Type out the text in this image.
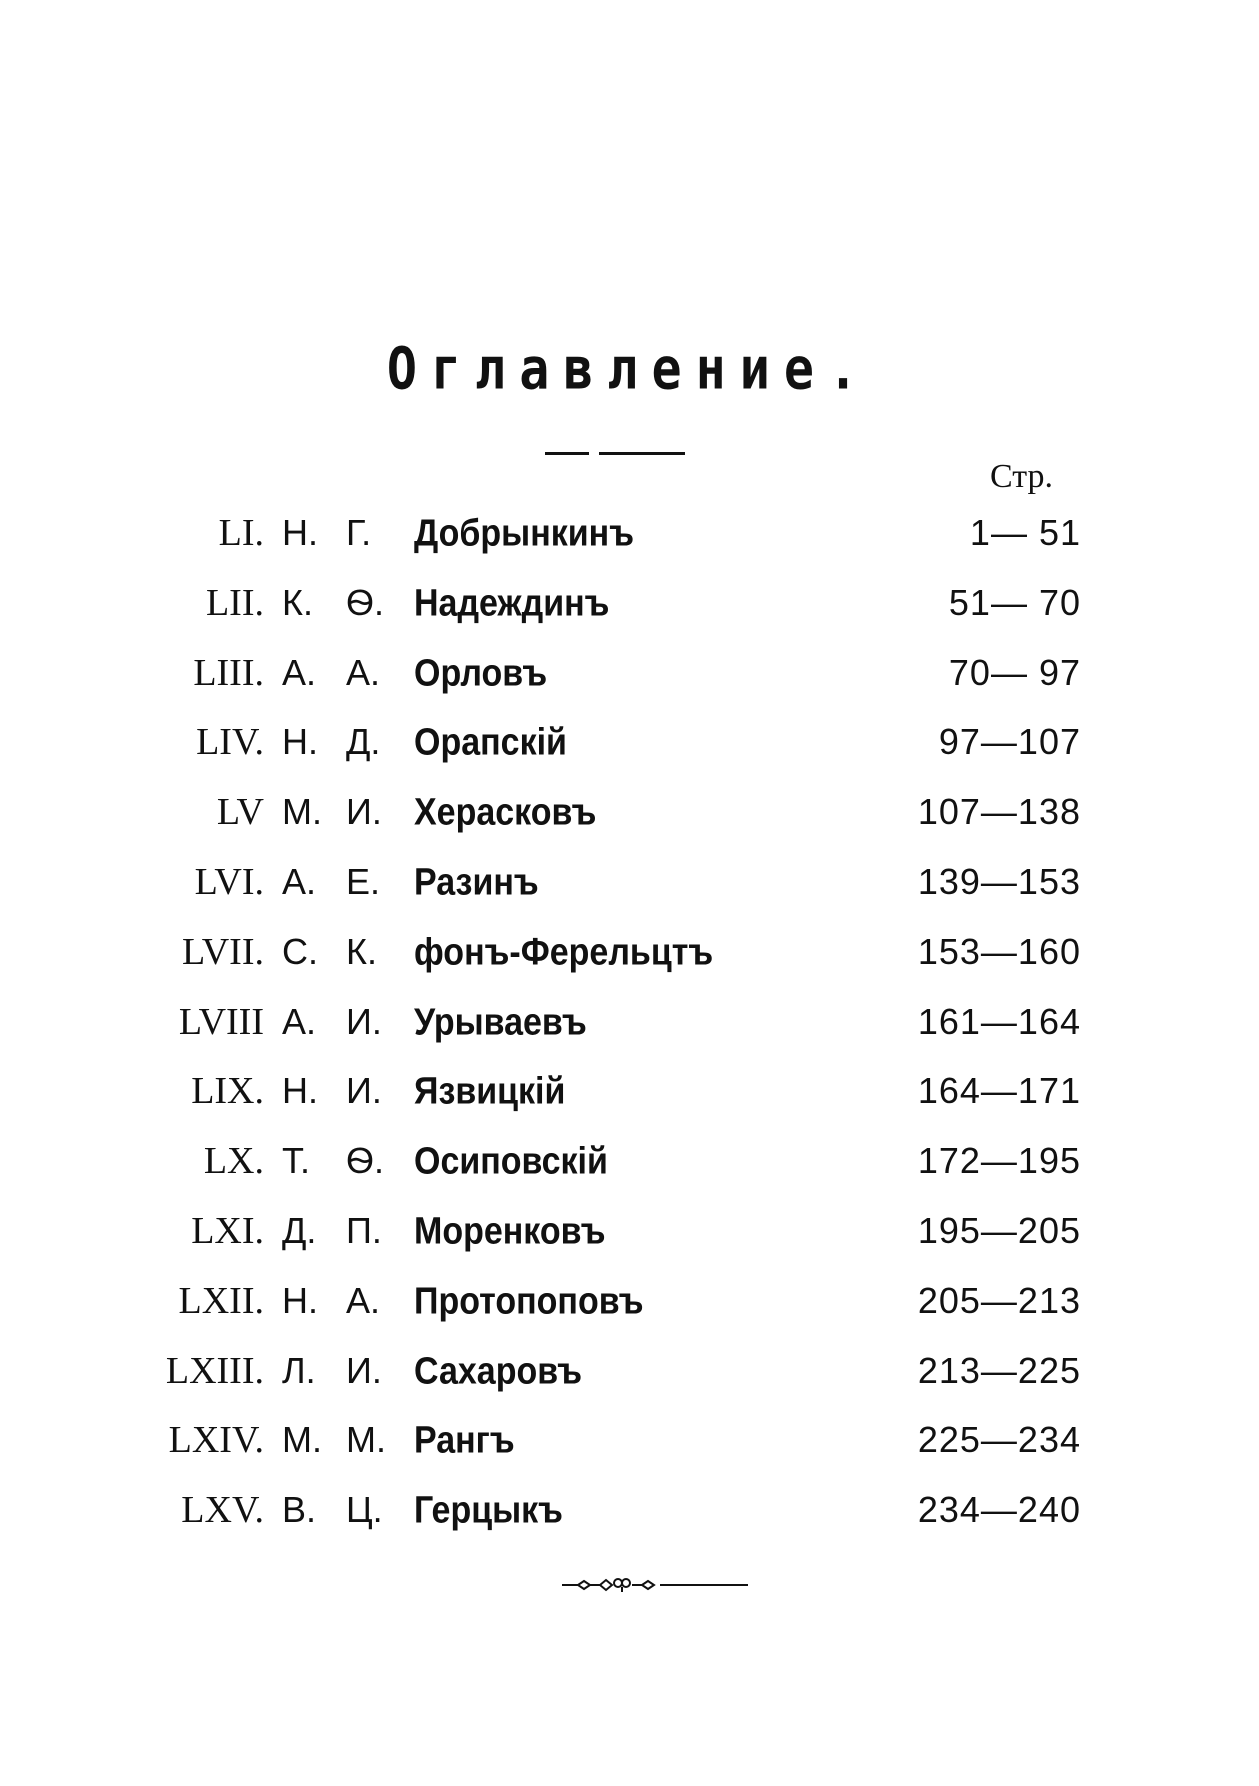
Оглавление.
Стр.
LI. Н. Г. Добрынкинъ	1— 51
LII. К. Ѳ. Надеждинъ	51— 70
LIII. А. А. Орловъ	70— 97
LIV. Н. Д. Орапскій	97—107
LV М. И. Херасковъ	107—138
LVI. А. Е. Разинъ	139—153
LVII. С. К. фонъ-Ферельцтъ	153—160
LVIII А. И. Урываевъ	161—164
LIX. Н. И. Язвицкій	164—171
LX. Т. Ѳ. Осиповскій	172—195
LXI. Д. П. Моренковъ	195—205
LXII. Н. А. Протопоповъ	205—213
LXIII. Л. И. Сахаровъ	213—225
LXIV. М. М. Рангъ	225—234
LXV. В. Ц. Герцыкъ	234—240
